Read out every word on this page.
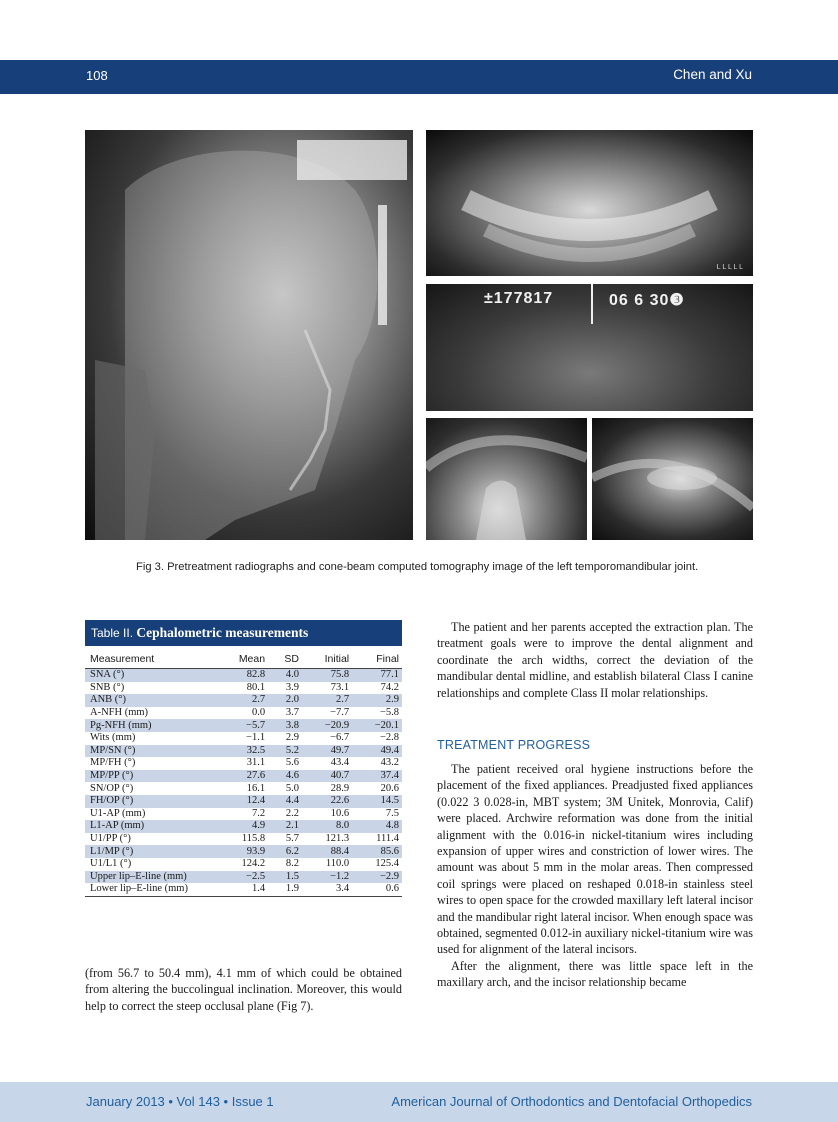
108	Chen and Xu
L L L L L
±177817	06 6 30❸
Fig 3. Pretreatment radiographs and cone-beam computed tomography image of the left temporomandibular joint.
Table II. Cephalometric measurements
Measurement	Mean	SD	Initial	Final
SNA (°)	82.8	4.0	75.8	77.1
SNB (°)	80.1	3.9	73.1	74.2
ANB (°)	2.7	2.0	2.7	2.9
A-NFH (mm)	0.0	3.7	−7.7	−5.8
Pg-NFH (mm)	−5.7	3.8	−20.9	−20.1
Wits (mm)	−1.1	2.9	−6.7	−2.8
MP/SN (°)	32.5	5.2	49.7	49.4
MP/FH (°)	31.1	5.6	43.4	43.2
MP/PP (°)	27.6	4.6	40.7	37.4
SN/OP (°)	16.1	5.0	28.9	20.6
FH/OP (°)	12.4	4.4	22.6	14.5
U1-AP (mm)	7.2	2.2	10.6	7.5
L1-AP (mm)	4.9	2.1	8.0	4.8
U1/PP (°)	115.8	5.7	121.3	111.4
L1/MP (°)	93.9	6.2	88.4	85.6
U1/L1 (°)	124.2	8.2	110.0	125.4
Upper lip–E-line (mm)	−2.5	1.5	−1.2	−2.9
Lower lip–E-line (mm)	1.4	1.9	3.4	0.6

(from 56.7 to 50.4 mm), 4.1 mm of which could be obtained from altering the buccolingual inclination. Moreover, this would help to correct the steep occlusal plane (Fig 7).

The patient and her parents accepted the extraction plan. The treatment goals were to improve the dental alignment and coordinate the arch widths, correct the deviation of the mandibular dental midline, and establish bilateral Class I canine relationships and complete Class II molar relationships.

TREATMENT PROGRESS

The patient received oral hygiene instructions before the placement of the fixed appliances. Preadjusted fixed appliances (0.022 3 0.028-in, MBT system; 3M Unitek, Monrovia, Calif) were placed. Archwire reformation was done from the initial alignment with the 0.016-in nickel-titanium wires including expansion of upper wires and constriction of lower wires. The amount was about 5 mm in the molar areas. Then compressed coil springs were placed on reshaped 0.018-in stainless steel wires to open space for the crowded maxillary left lateral incisor and the mandibular right lateral incisor. When enough space was obtained, segmented 0.012-in auxiliary nickel-titanium wire was used for alignment of the lateral incisors.

After the alignment, there was little space left in the maxillary arch, and the incisor relationship became

January 2013 • Vol 143 • Issue 1	American Journal of Orthodontics and Dentofacial Orthopedics
